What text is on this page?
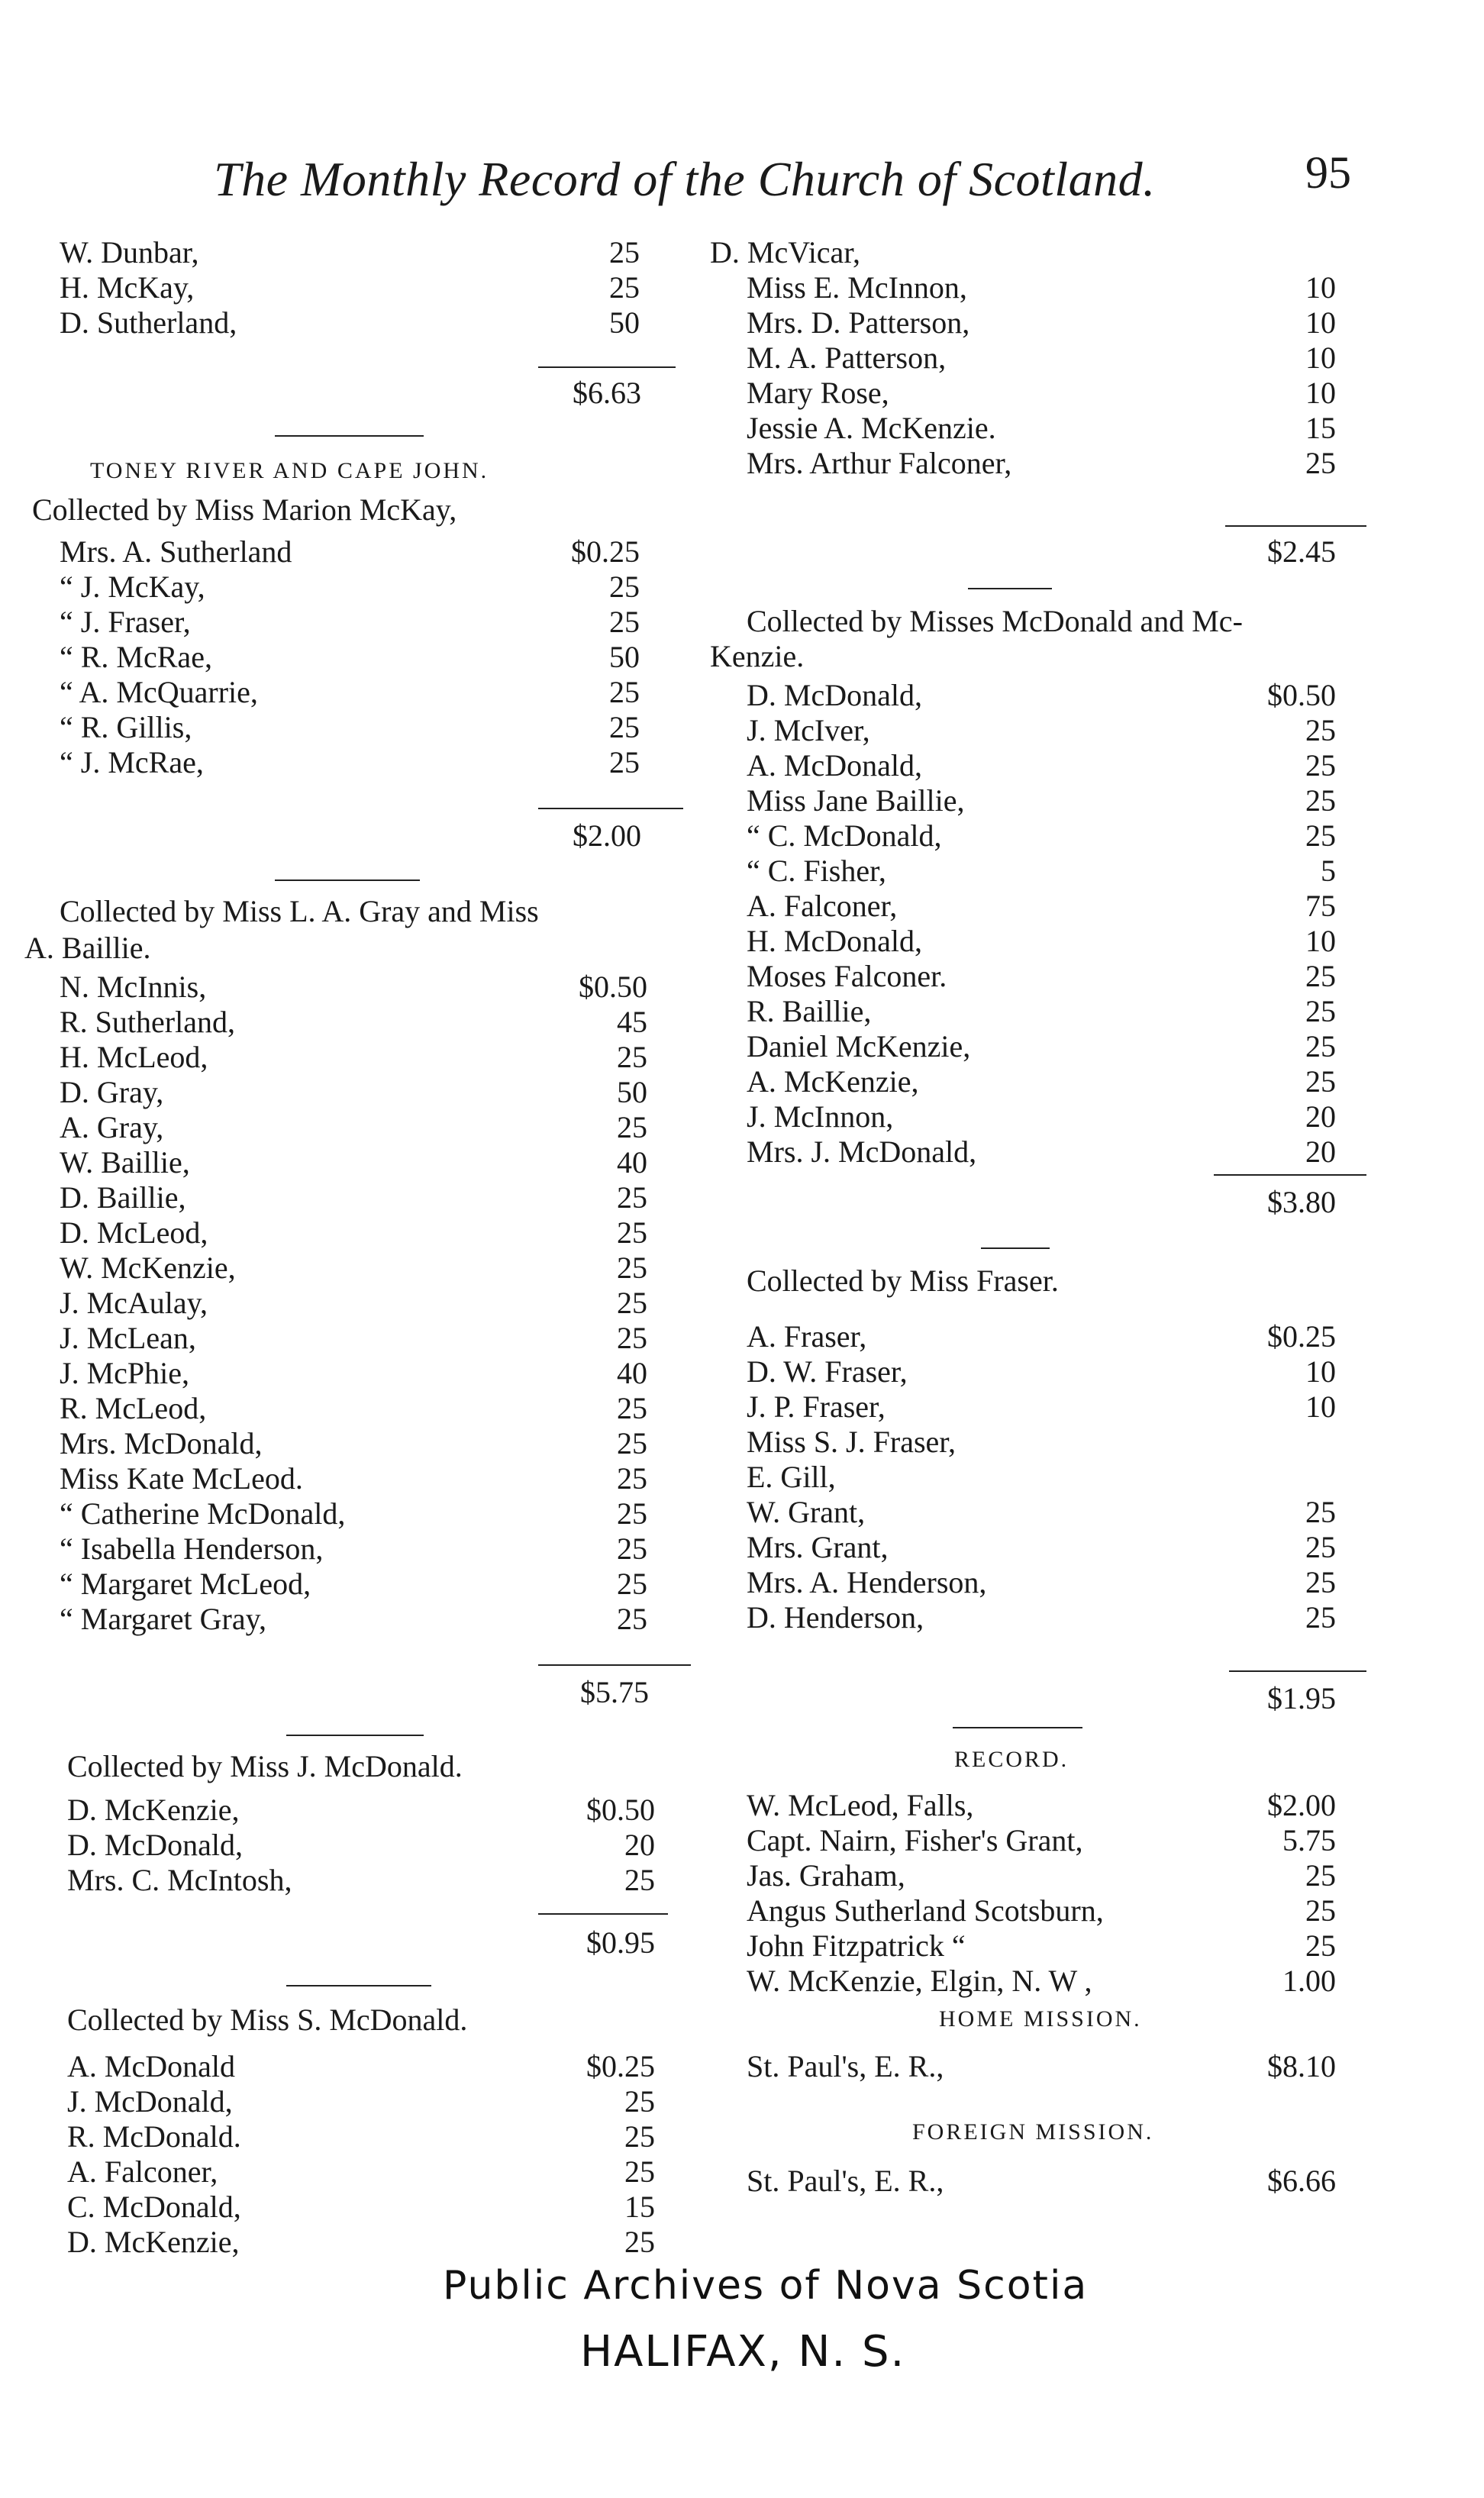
The Monthly Record of the Church of Scotland.	95
W. Dunbar,	25
H. McKay,	25
D. Sutherland,	50
$6.63
TONEY RIVER AND CAPE JOHN.
Collected by Miss Marion McKay,
Mrs. A. Sutherland	$0.25
“ J. McKay,	25
“ J. Fraser,	25
“ R. McRae,	50
“ A. McQuarrie,	25
“ R. Gillis,	25
“ J. McRae,	25
$2.00
Collected by Miss L. A. Gray and Miss
A. Baillie.
N. McInnis,	$0.50
R. Sutherland,	45
H. McLeod,	25
D. Gray,	50
A. Gray,	25
W. Baillie,	40
D. Baillie,	25
D. McLeod,	25
W. McKenzie,	25
J. McAulay,	25
J. McLean,	25
J. McPhie,	40
R. McLeod,	25
Mrs. McDonald,	25
Miss Kate McLeod.	25
“ Catherine McDonald,	25
“ Isabella Henderson,	25
“ Margaret McLeod,	25
“ Margaret Gray,	25
$5.75
Collected by Miss J. McDonald.
D. McKenzie,	$0.50
D. McDonald,	20
Mrs. C. McIntosh,	25
$0.95
Collected by Miss S. McDonald.
A. McDonald	$0.25
J. McDonald,	25
R. McDonald.	25
A. Falconer,	25
C. McDonald,	15
D. McKenzie,	25
D. McVicar,
Miss E. McInnon,	10
Mrs. D. Patterson,	10
M. A. Patterson,	10
Mary Rose,	10
Jessie A. McKenzie.	15
Mrs. Arthur Falconer,	25
$2.45
Collected by Misses McDonald and Mc-
Kenzie.
D. McDonald,	$0.50
J. McIver,	25
A. McDonald,	25
Miss Jane Baillie,	25
“ C. McDonald,	25
“ C. Fisher,	5
A. Falconer,	75
H. McDonald,	10
Moses Falconer.	25
R. Baillie,	25
Daniel McKenzie,	25
A. McKenzie,	25
J. McInnon,	20
Mrs. J. McDonald,	20
$3.80
Collected by Miss Fraser.
A. Fraser,	$0.25
D. W. Fraser,	10
J. P. Fraser,	10
Miss S. J. Fraser,
E. Gill,
W. Grant,	25
Mrs. Grant,	25
Mrs. A. Henderson,	25
D. Henderson,	25
$1.95
RECORD.
W. McLeod, Falls,	$2.00
Capt. Nairn, Fisher's Grant,	5.75
Jas. Graham,	25
Angus Sutherland Scotsburn,	25
John Fitzpatrick “	25
W. McKenzie, Elgin, N. W ,	1.00
HOME MISSION.
St. Paul's, E. R.,	$8.10
FOREIGN MISSION.
St. Paul's, E. R.,	$6.66
Public Archives of Nova Scotia
HALIFAX, N. S.
